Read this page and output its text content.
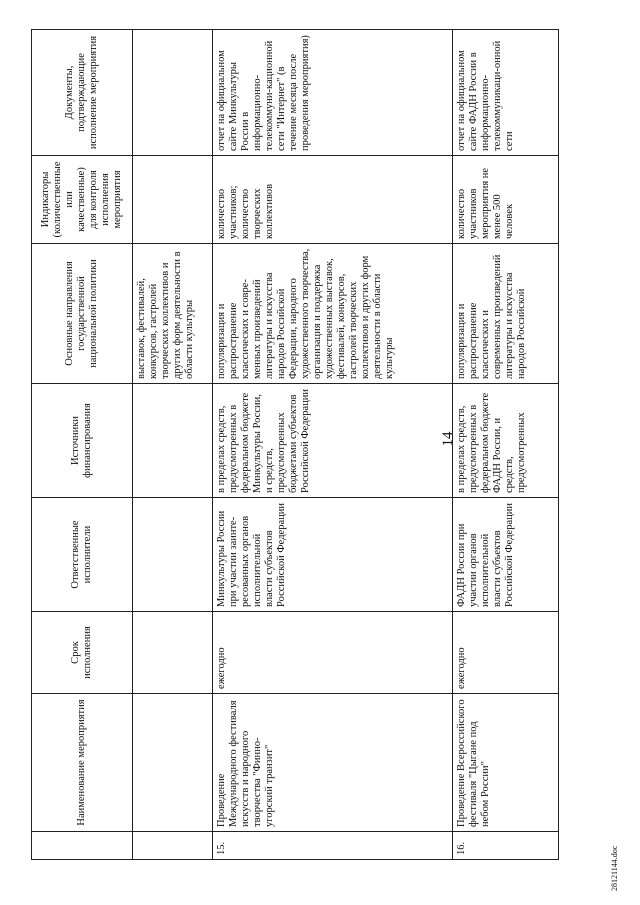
14
	Наименование мероприятия	Срок исполнения	Ответственные исполнители	Источники финансирования	Основные направления государственной национальной политики	Индикаторы (количественные или качественные) для контроля исполнения мероприятия	Документы, подтверждающие исполнение мероприятия
					выставок, фестивалей, конкурсов, гастролей творческих коллективов и других форм деятельности в области культуры		
15.	Проведение Международного фестиваля искусств и народного творчества "Финно-угорский транзит"	ежегодно	Минкультуры России при участии заинте-ресованных органов исполнительной власти субъектов Российской Федерации	в пределах средств, предусмотренных в федеральном бюджете Минкультуры России, и средств, предусмотренных бюджетами субъектов Российской Федерации	популяризация и распространение классических и совре-менных произведений литературы и искусства народов Российской Федерации, народного художественного творчества, организация и поддержка художественных выставок, фестивалей, конкурсов, гастролей творческих коллективов и других форм деятельности в области культуры	количество участников; количество творческих коллективов	отчет на официальном сайте Минкультуры России в информационно-телекоммуни-кационной сети "Интернет" (в течение месяца после проведения мероприятия)
16.	Проведение Всероссийского фестиваля "Цыгане под небом России"	ежегодно	ФАДН России при участии органов исполнительной власти субъектов Российской Федерации	в пределах средств, предусмотренных в федеральном бюджете ФАДН России, и средств, предусмотренных	популяризация и распространение классических и современных произведений литературы и искусства народов Российской	количество участников мероприятия не менее 500 человек	отчет на официальном сайте ФАДН России в информационно-телекоммуникаци-онной сети
28121144.doc
